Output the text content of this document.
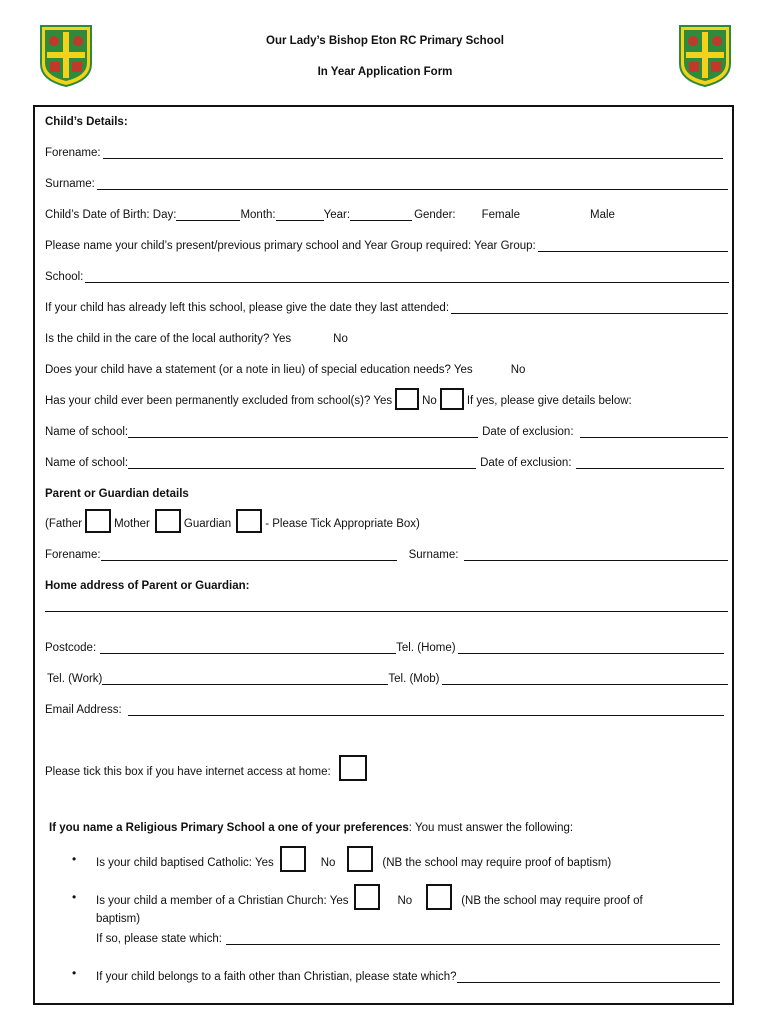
Our Lady’s Bishop Eton RC Primary School
In Year Application Form
Child’s Details:
Forename:
Surname:
Child’s Date of Birth: Day:	Month:	Year:	Gender: Female	Male
Please name your child’s present/previous primary school and Year Group required: Year Group:
School:
If your child has already left this school, please give the date they last attended:
Is the child in the care of the local authority? Yes	No
Does your child have a statement (or a note in lieu) of special education needs? Yes	No
Has your child ever been permanently excluded from school(s)? Yes	No	If yes, please give details below:
Name of school:	Date of exclusion:
Name of school:	Date of exclusion:
Parent or Guardian details
(Father	Mother	Guardian	- Please Tick Appropriate Box)
Forename:	Surname:
Home address of Parent or Guardian:
Postcode:	Tel. (Home)
Tel. (Work)	Tel. (Mob)
Email Address:
Please tick this box if you have internet access at home:
If you name a Religious Primary School a one of your preferences : You must answer the following:
• Is your child baptised Catholic: Yes	No	(NB the school may require proof of baptism)
• Is your child a member of a Christian Church: Yes	No	(NB the school may require proof of
baptism)
If so, please state which:
• If your child belongs to a faith other than Christian, please state which?
